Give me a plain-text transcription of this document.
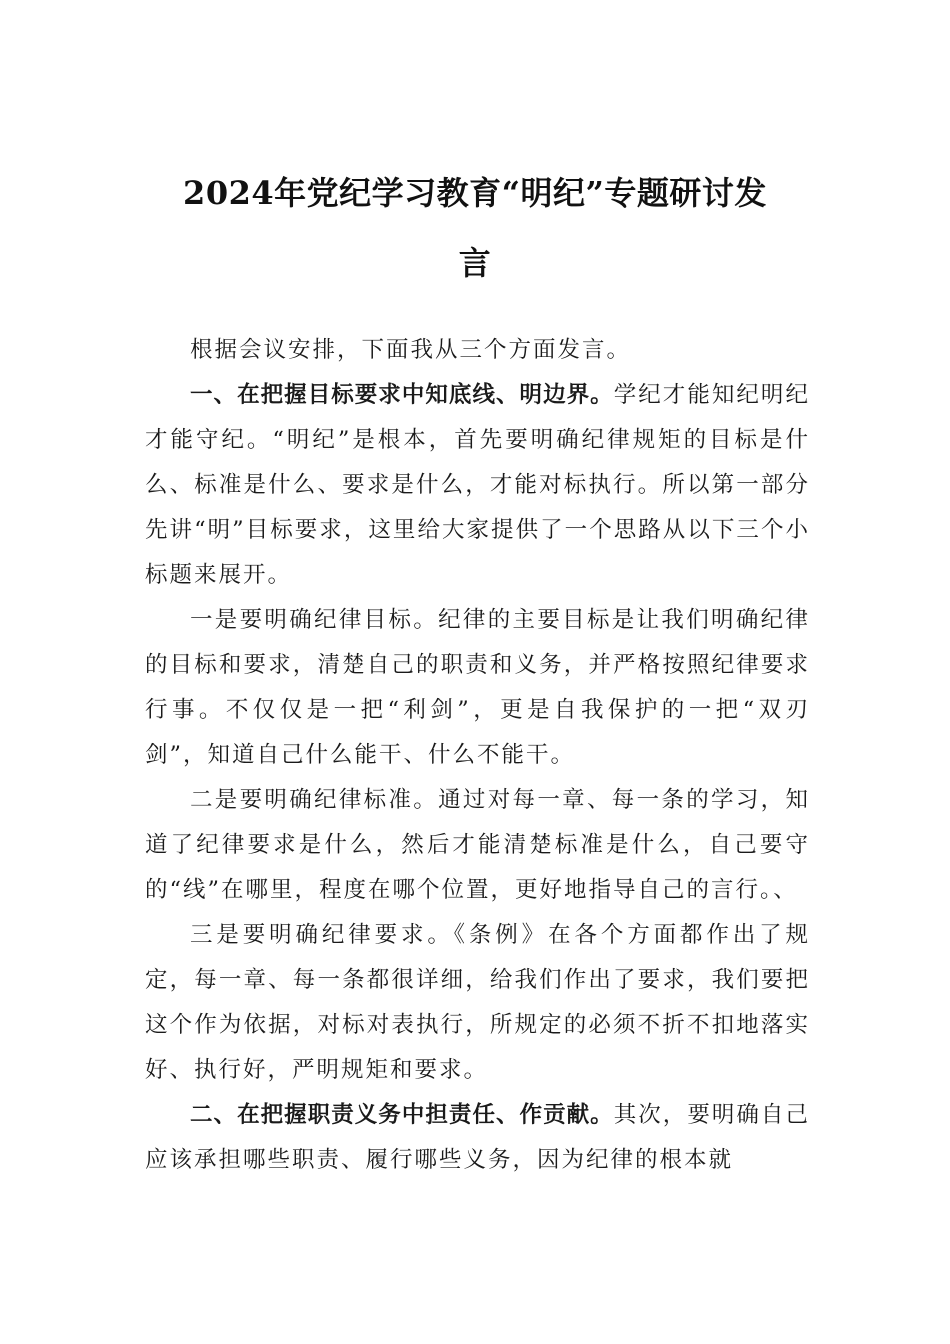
2024年党纪学习教育“明纪”专题研讨发
言

根据会议安排，下面我从三个方面发言。

一、在把握目标要求中知底线、明边界。学纪才能知纪明纪才能守纪。“明纪”是根本，首先要明确纪律规矩的目标是什么、标准是什么、要求是什么，才能对标执行。所以第一部分先讲“明”目标要求，这里给大家提供了一个思路从以下三个小标题来展开。

一是要明确纪律目标。纪律的主要目标是让我们明确纪律的目标和要求，清楚自己的职责和义务，并严格按照纪律要求行事。不仅仅是一把“利剑”，更是自我保护的一把“双刃剑”，知道自己什么能干、什么不能干。

二是要明确纪律标准。通过对每一章、每一条的学习，知道了纪律要求是什么，然后才能清楚标准是什么，自己要守的“线”在哪里，程度在哪个位置，更好地指导自己的言行。、

三是要明确纪律要求。《条例》在各个方面都作出了规定，每一章、每一条都很详细，给我们作出了要求，我们要把这个作为依据，对标对表执行，所规定的必须不折不扣地落实好、执行好，严明规矩和要求。

二、在把握职责义务中担责任、作贡献。其次，要明确自己应该承担哪些职责、履行哪些义务，因为纪律的根本就
